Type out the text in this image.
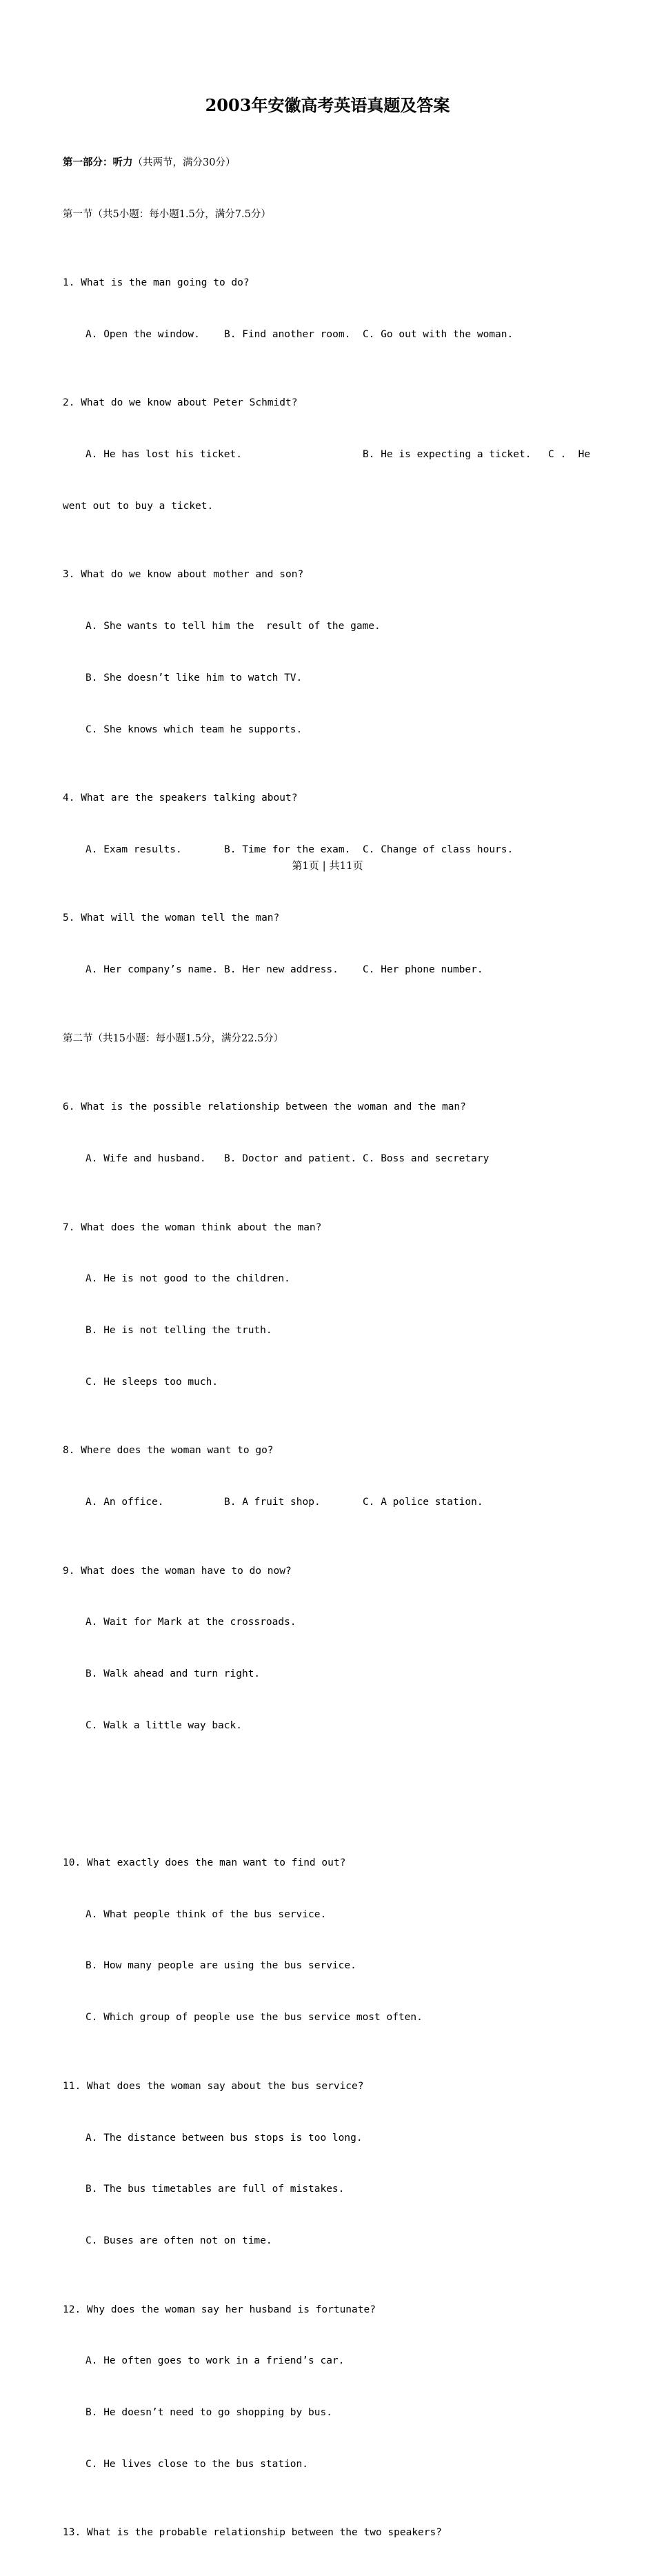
2003年安徽高考英语真题及答案

第一部分：听力（共两节，满分30分）

第一节（共5小题：每小题1.5分，满分7.5分）

1. What is the man going to do?

A. Open the window. B. Find another room. C. Go out with the woman.

2. What do we know about Peter Schmidt?

A. He has lost his ticket.	B. He is expecting a ticket. C .  He

went out to buy a ticket.

3. What do we know about mother and son?

A. She wants to tell him the  result of the game.

B. She doesn’t like him to watch TV.

C. She knows which team he supports.

4. What are the speakers talking about?

A. Exam results.	B. Time for the exam. C. Change of class hours.

5. What will the woman tell the man?

A. Her company’s name. B. Her new address. C. Her phone number.

第二节（共15小题：每小题1.5分，满分22.5分）

6. What is the possible relationship between the woman and the man?

A. Wife and husband. B. Doctor and patient. C. Boss and secretary

7. What does the woman think about the man?

A. He is not good to the children.

B. He is not telling the truth.

C. He sleeps too much.

8. Where does the woman want to go?

A. An office.	B. A fruit shop.	C. A police station.

9. What does the woman have to do now?

A. Wait for Mark at the crossroads.

B. Walk ahead and turn right.

C. Walk a little way back.

10. What exactly does the man want to find out?

A. What people think of the bus service.

B. How many people are using the bus service.

C. Which group of people use the bus service most often.

11. What does the woman say about the bus service?

A. The distance between bus stops is too long.

B. The bus timetables are full of mistakes.

C. Buses are often not on time.

12. Why does the woman say her husband is fortunate?

A. He often goes to work in a friend’s car.

B. He doesn’t need to go shopping by bus.

C. He lives close to the bus station.

13. What is the probable relationship between the two speakers?

第1页 | 共11页
